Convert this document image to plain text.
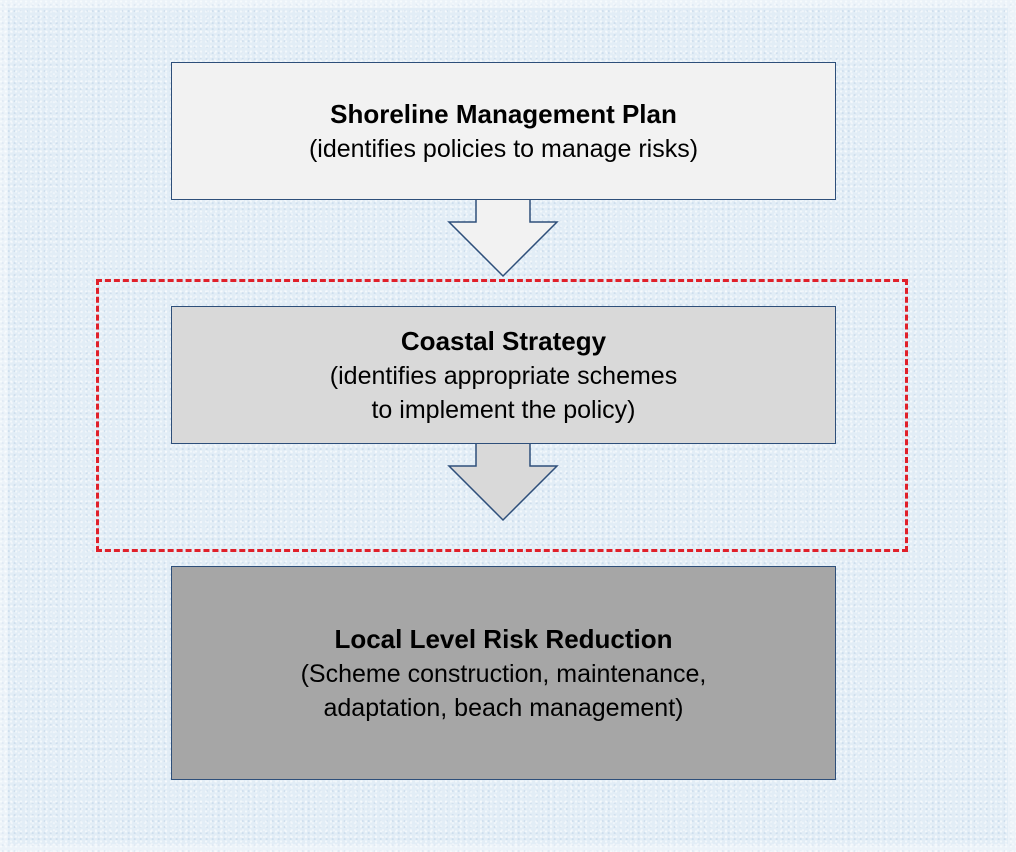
Shoreline Management Plan
(identifies policies to manage risks)
Coastal Strategy
(identifies appropriate schemes
to implement the policy)
Local Level Risk Reduction
(Scheme construction, maintenance,
adaptation, beach management)
